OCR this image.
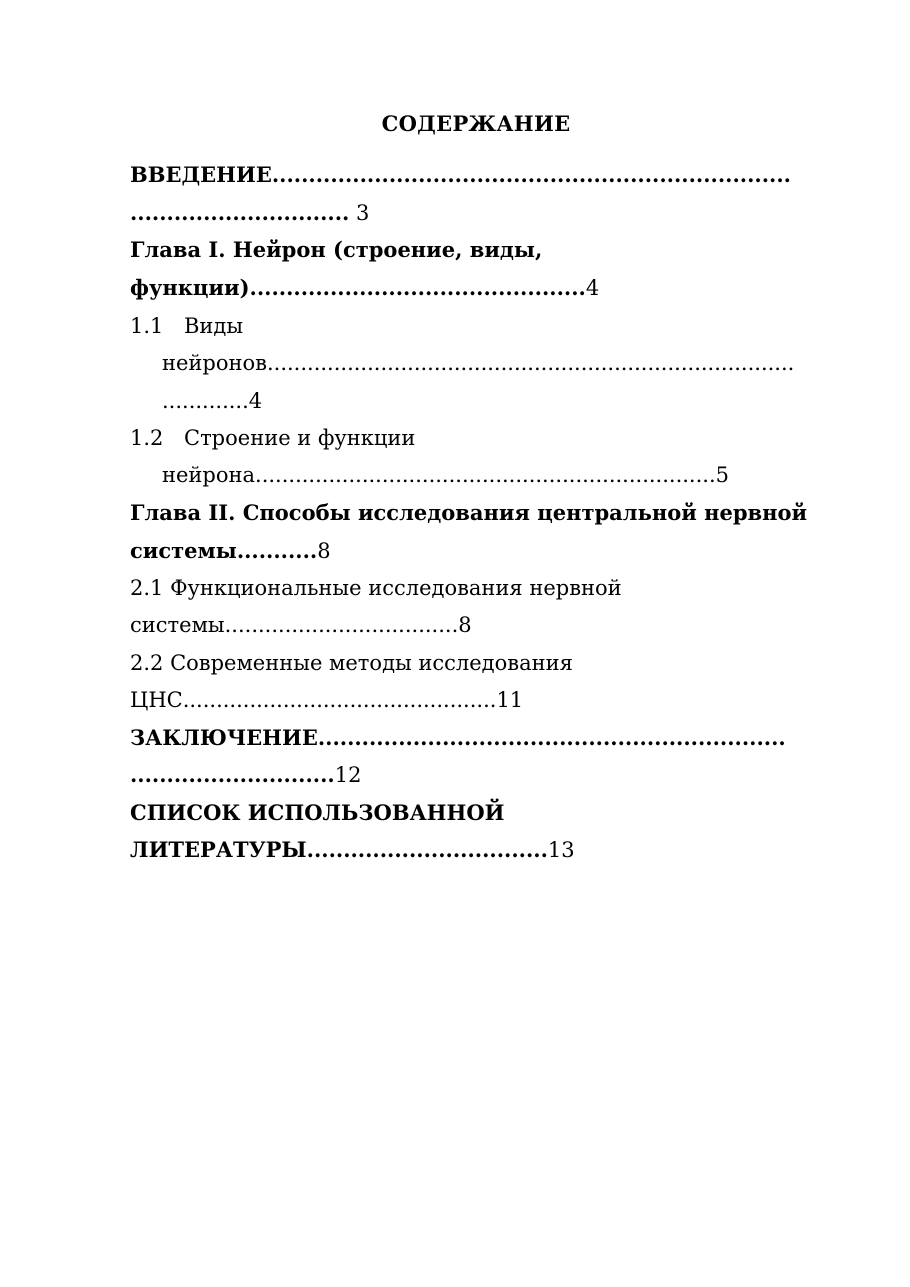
СОДЕРЖАНИЕ
ВВЕДЕНИЕ.......................................................................
.............................. 3
Глава I. Нейрон (строение, виды,
функции)..............................................4
1.1 Виды
нейронов...............................................................................
.............4
1.2 Строение и функции
нейрона.....................................................................5
Глава II. Способы исследования центральной нервной
системы...........8
2.1 Функциональные исследования нервной
системы...................................8
2.2 Современные методы исследования
ЦНС...............................................11
ЗАКЛЮЧЕНИЕ................................................................
............................12
СПИСОК ИСПОЛЬЗОВАННОЙ
ЛИТЕРАТУРЫ.................................13
